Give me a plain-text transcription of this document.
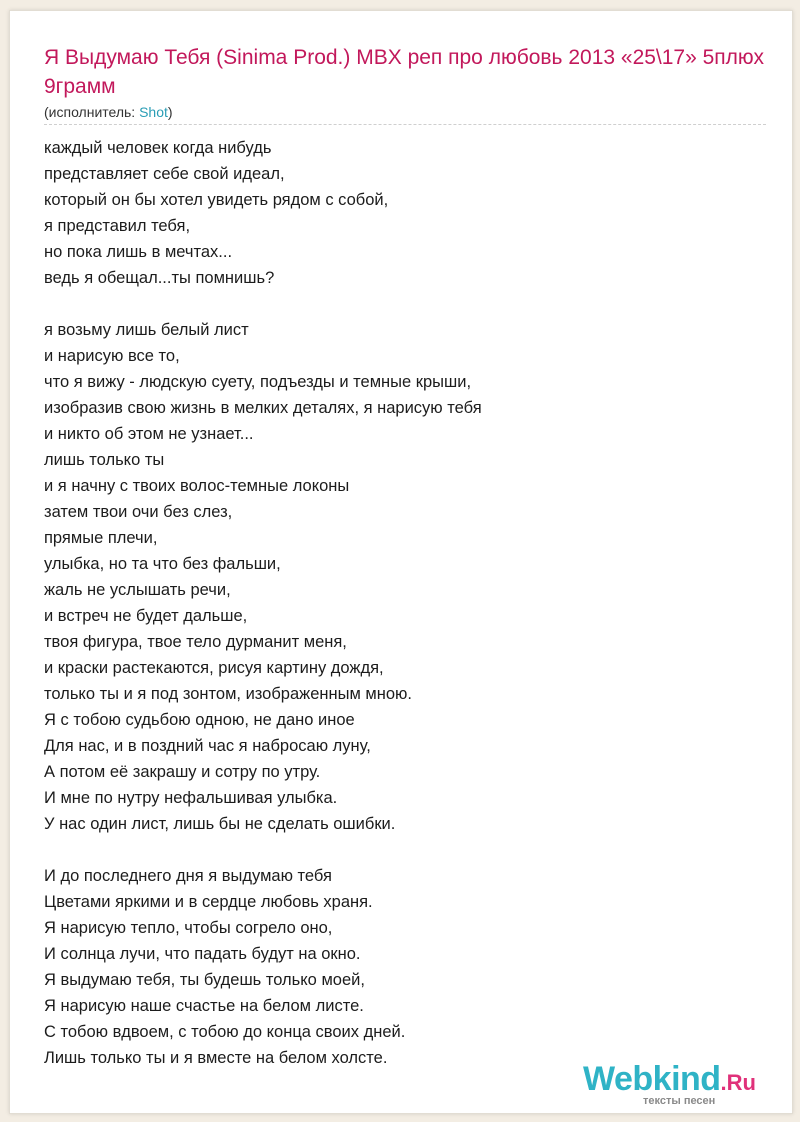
Я Выдумаю Тебя (Sinima Prod.) MBX реп про любовь 2013 «25\17» 5плюх 9грамм

(исполнитель: Shot)

каждый человек когда нибудь
представляет себе свой идеал,
который он бы хотел увидеть рядом с собой,
я представил тебя,
но пока лишь в мечтах...
ведь я обещал...ты помнишь?
я возьму лишь белый лист
и нарисую все то,
что я вижу - людскую суету, подъезды и темные крыши,
изобразив свою жизнь в мелких деталях, я нарисую тебя
и никто об этом не узнает...
лишь только ты
и я начну с твоих волос-темные локоны
затем твои очи без слез,
прямые плечи,
улыбка, но та что без фальши,
жаль не услышать речи,
и встреч не будет дальше,
твоя фигура, твое тело дурманит меня,
и краски растекаются, рисуя картину дождя,
только ты и я под зонтом, изображенным мною.
Я с тобою судьбою одною, не дано иное
Для нас, и в поздний час я набросаю луну,
А потом её закрашу и сотру по утру.
И мне по нутру нефальшивая улыбка.
У нас один лист, лишь бы не сделать ошибки.
И до последнего дня я выдумаю тебя
Цветами яркими и в сердце любовь храня.
Я нарисую тепло, чтобы согрело оно,
И солнца лучи, что падать будут на окно.
Я выдумаю тебя, ты будешь только моей,
Я нарисую наше счастье на белом листе.
С тобою вдвоем, с тобою до конца своих дней.
Лишь только ты и я вместе на белом холсте.
Webkind.Ru
тексты песен
